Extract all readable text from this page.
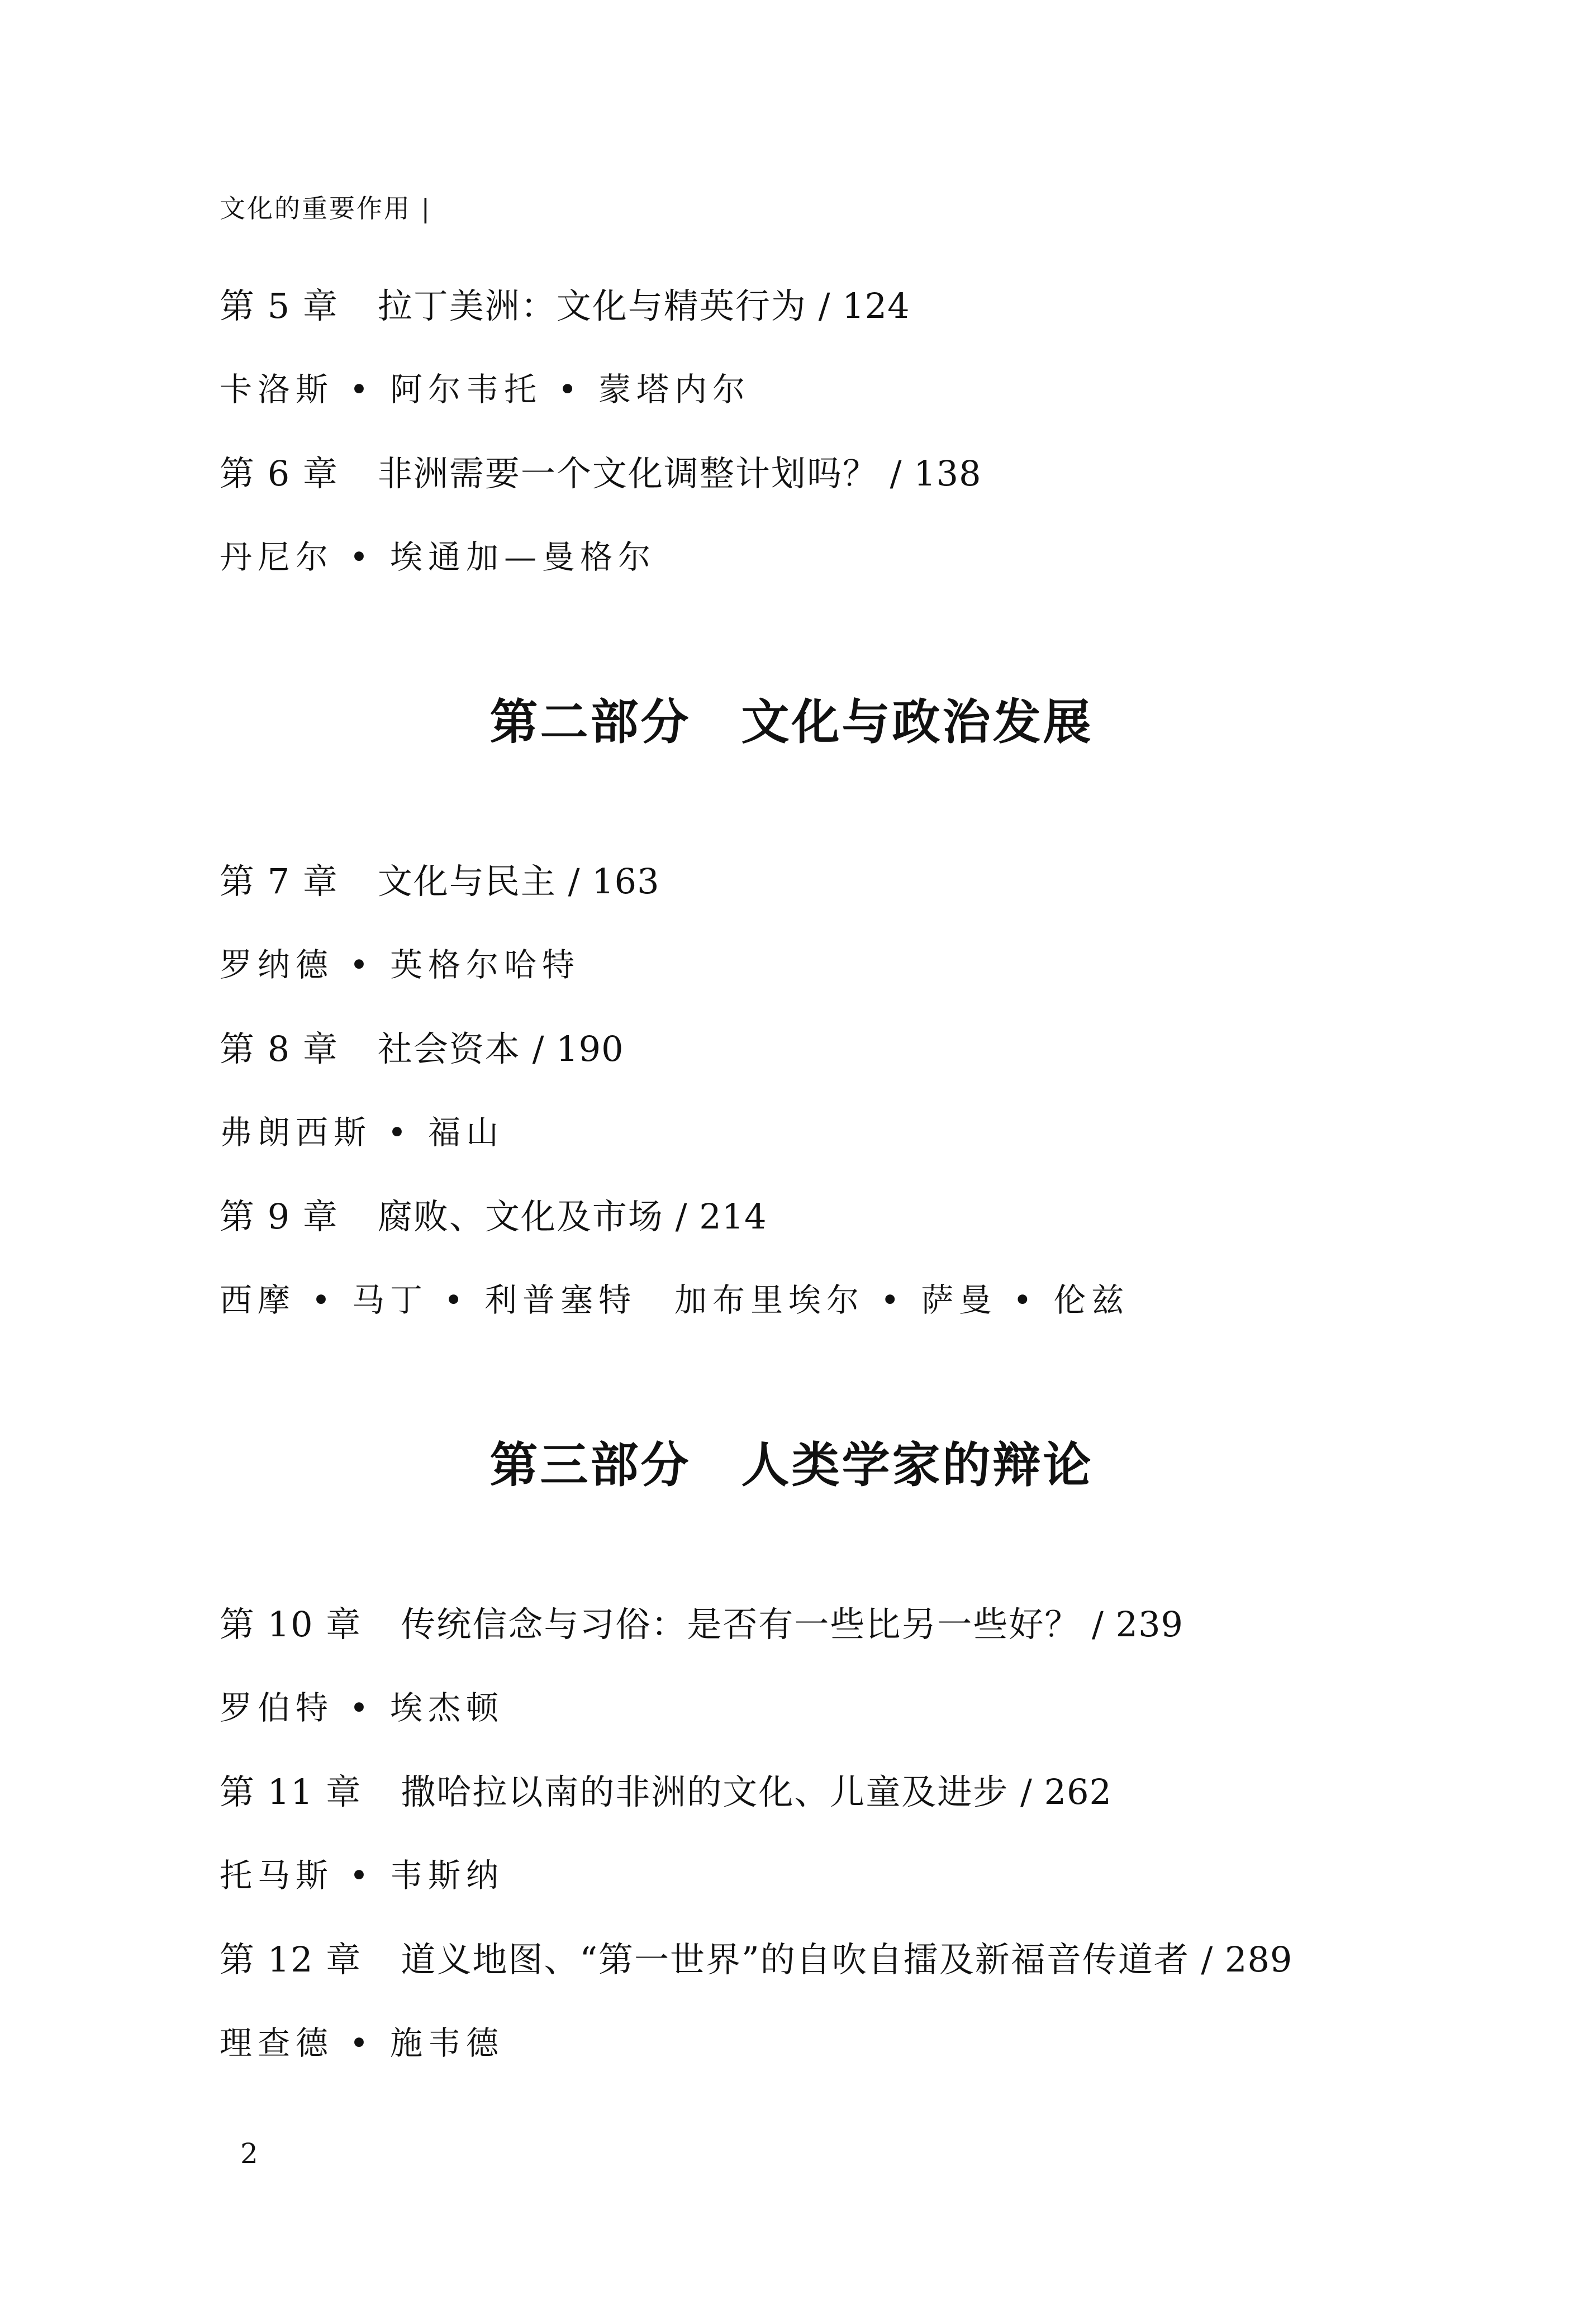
文化的重要作用 |
第 5 章 拉丁美洲：文化与精英行为 / 124
卡洛斯 • 阿尔韦托 • 蒙塔内尔
第 6 章 非洲需要一个文化调整计划吗？ / 138
丹尼尔 • 埃通加—曼格尔
第二部分 文化与政治发展
第 7 章 文化与民主 / 163
罗纳德 • 英格尔哈特
第 8 章 社会资本 / 190
弗朗西斯 • 福山
第 9 章 腐败、文化及市场 / 214
西摩 • 马丁 • 利普塞特　加布里埃尔 • 萨曼 • 伦兹
第三部分 人类学家的辩论
第 10 章 传统信念与习俗：是否有一些比另一些好？ / 239
罗伯特 • 埃杰顿
第 11 章 撒哈拉以南的非洲的文化、儿童及进步 / 262
托马斯 • 韦斯纳
第 12 章 道义地图、“第一世界”的自吹自擂及新福音传道者 / 289
理查德 • 施韦德
2
